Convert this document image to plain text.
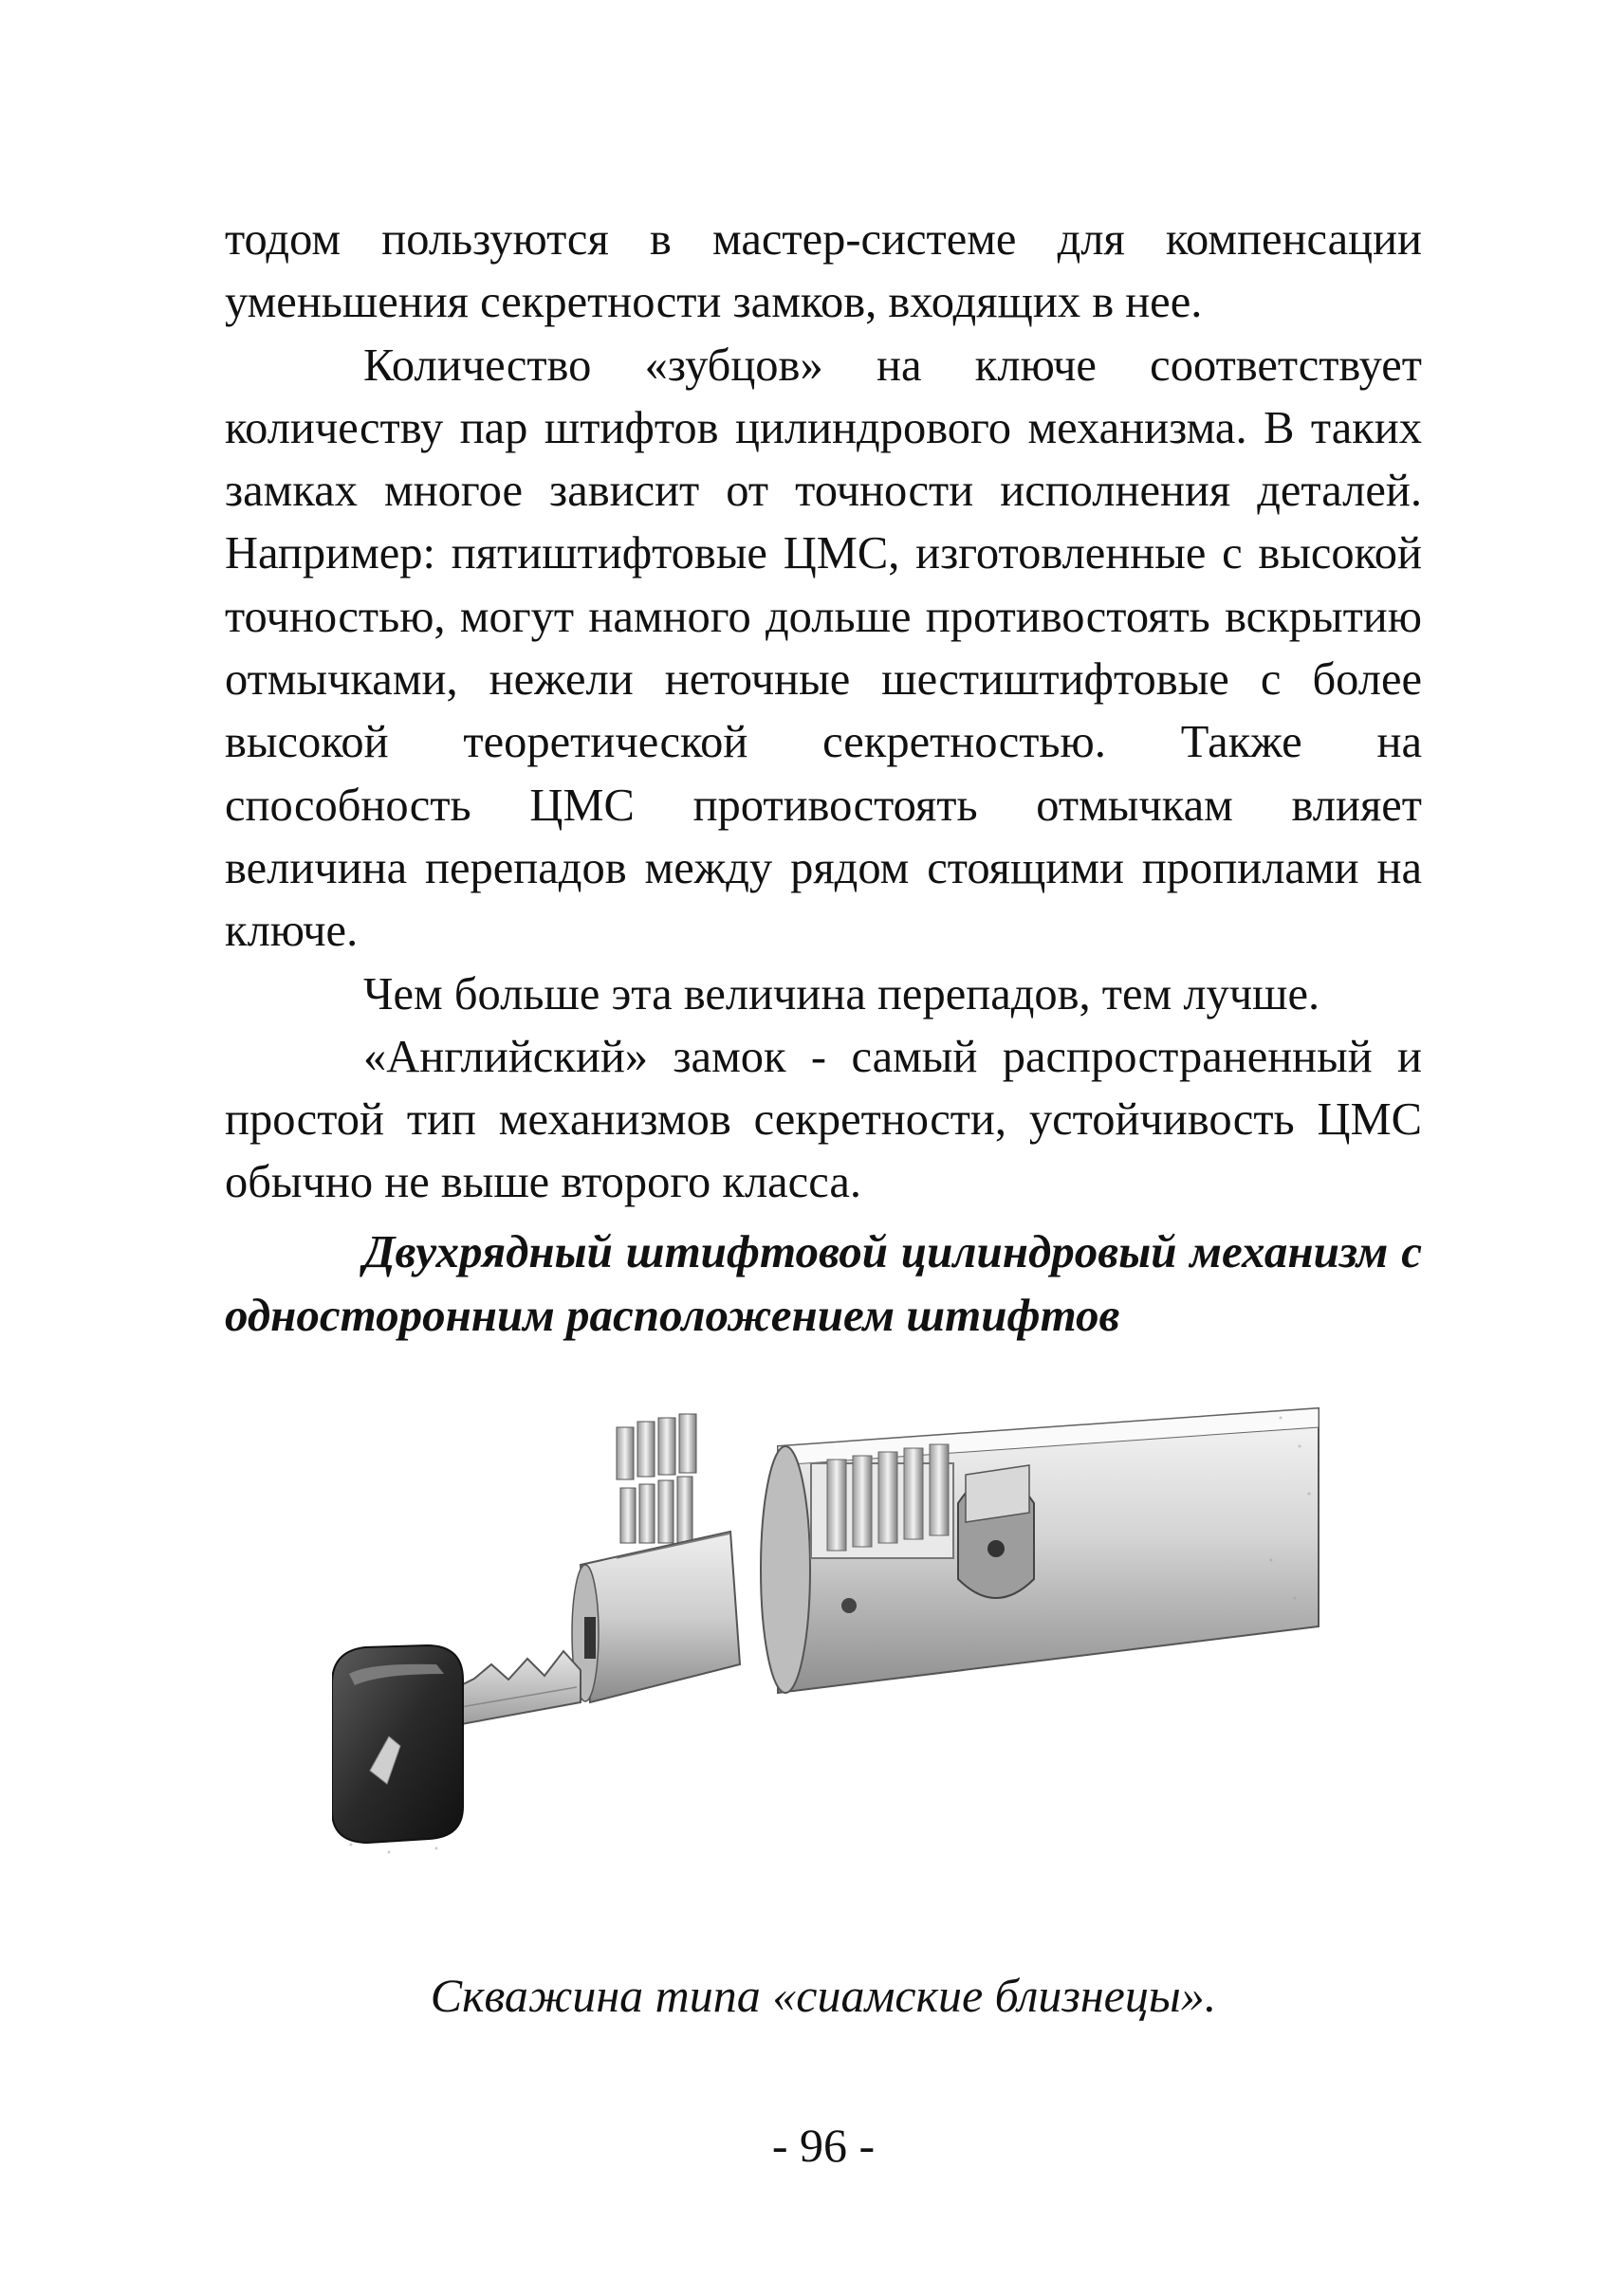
тодом пользуются в мастер-системе для компенсации уменьшения секретности замков, входящих в нее.

Количество «зубцов» на ключе соответствует количеству пар штифтов цилиндрового механизма. В таких замках многое зависит от точности исполнения деталей. Например: пятиштифтовые ЦМС, изготовленные с высокой точностью, могут намного дольше противостоять вскрытию отмычками, нежели неточные шестиштифтовые с более высокой теоретической секретностью. Также на способность ЦМС противостоять отмычкам влияет величина перепадов между рядом стоящими пропилами на ключе.

Чем больше эта величина перепадов, тем лучше.

«Английский» замок - самый распространенный и простой тип механизмов секретности, устойчивость ЦМС обычно не выше второго класса.

Двухрядный штифтовой цилиндровый механизм с односторонним расположением штифтов

Скважина типа «сиамские близнецы».

- 96 -
